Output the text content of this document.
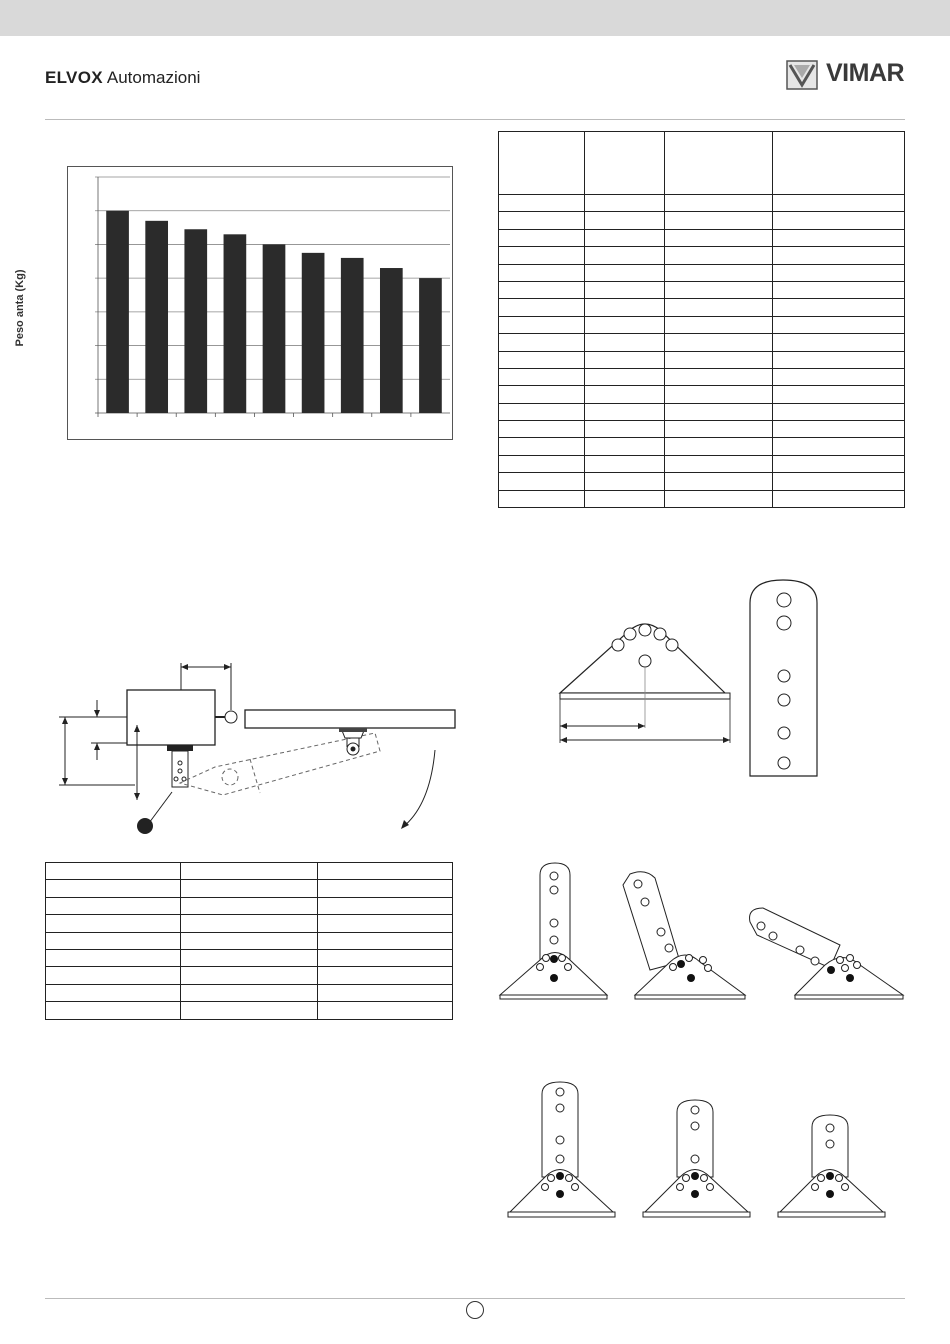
ELVOX Automazioni	VIMAR
Peso anta (Kg)
